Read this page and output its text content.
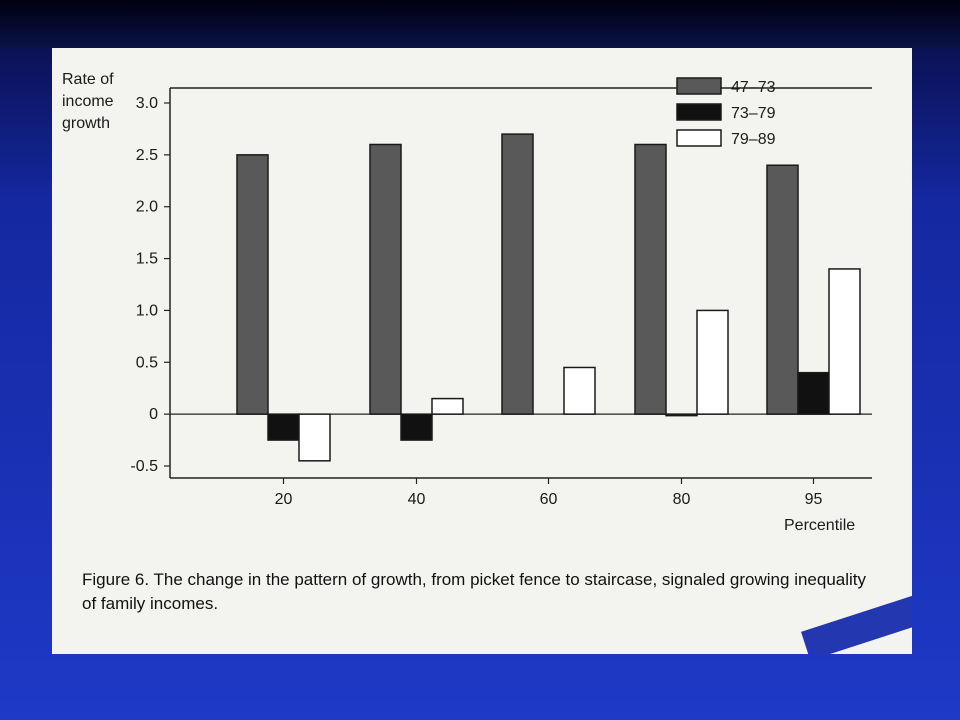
Rate of
income
growth
3.0
2.5
2.0
1.5
1.0
0.5
0
-0.5
20	40	60	80	95
Percentile
47–73
73–79
79–89
Figure 6. The change in the pattern of growth, from picket fence to staircase, signaled growing inequality of family incomes.
